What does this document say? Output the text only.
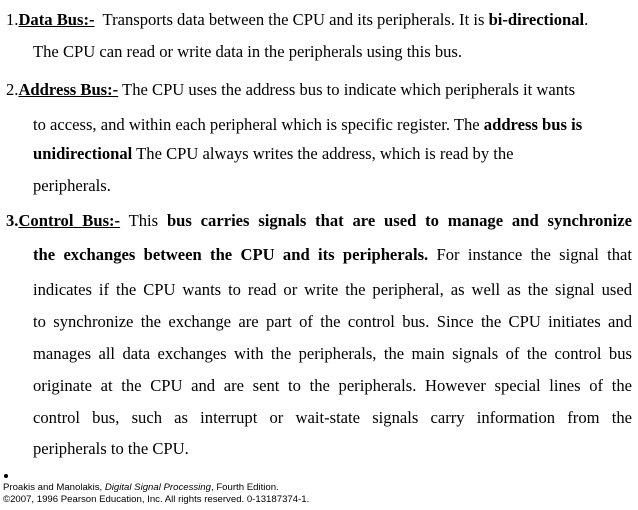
1.Data Bus:-  Transports data between the CPU and its peripherals. It is bi-directional.
The CPU can read or write data in the peripherals using this bus.
2.Address Bus:- The CPU uses the address bus to indicate which peripherals it wants
to access, and within each peripheral which is specific register. The address bus is
unidirectional The CPU always writes the address, which is read by the
peripherals.
3.Control Bus:- This bus carries signals that are used to manage and synchronize
the exchanges between the CPU and its peripherals. For instance the signal that
indicates if the CPU wants to read or write the peripheral, as well as the signal used
to synchronize the exchange are part of the control bus. Since the CPU initiates and
manages all data exchanges with the peripherals, the main signals of the control bus
originate at the CPU and are sent to the peripherals. However special lines of the
control bus, such as interrupt or wait-state signals carry information from the
peripherals to the CPU.
Proakis and Manolakis, Digital Signal Processing, Fourth Edition.
©2007, 1996 Pearson Education, Inc. All rights reserved. 0-13187374-1.
